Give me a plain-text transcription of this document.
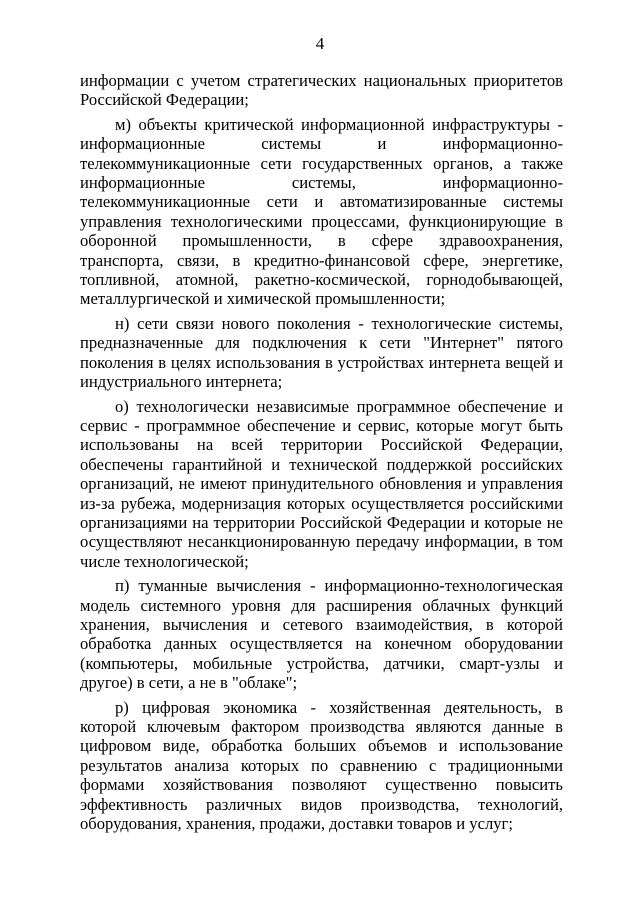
4

информации с учетом стратегических национальных приоритетов Российской Федерации;

м) объекты критической информационной инфраструктуры - информационные системы и информационно-телекоммуникационные сети государственных органов, а также информационные системы, информационно-телекоммуникационные сети и автоматизированные системы управления технологическими процессами, функционирующие в оборонной промышленности, в сфере здравоохранения, транспорта, связи, в кредитно-финансовой сфере, энергетике, топливной, атомной, ракетно-космической, горнодобывающей, металлургической и химической промышленности;

н) сети связи нового поколения - технологические системы, предназначенные для подключения к сети "Интернет" пятого поколения в целях использования в устройствах интернета вещей и индустриального интернета;

о) технологически независимые программное обеспечение и сервис - программное обеспечение и сервис, которые могут быть использованы на всей территории Российской Федерации, обеспечены гарантийной и технической поддержкой российских организаций, не имеют принудительного обновления и управления из-за рубежа, модернизация которых осуществляется российскими организациями на территории Российской Федерации и которые не осуществляют несанкционированную передачу информации, в том числе технологической;

п) туманные вычисления - информационно-технологическая модель системного уровня для расширения облачных функций хранения, вычисления и сетевого взаимодействия, в которой обработка данных осуществляется на конечном оборудовании (компьютеры, мобильные устройства, датчики, смарт-узлы и другое) в сети, а не в "облаке";

р) цифровая экономика - хозяйственная деятельность, в которой ключевым фактором производства являются данные в цифровом виде, обработка больших объемов и использование результатов анализа которых по сравнению с традиционными формами хозяйствования позволяют существенно повысить эффективность различных видов производства, технологий, оборудования, хранения, продажи, доставки товаров и услуг;
